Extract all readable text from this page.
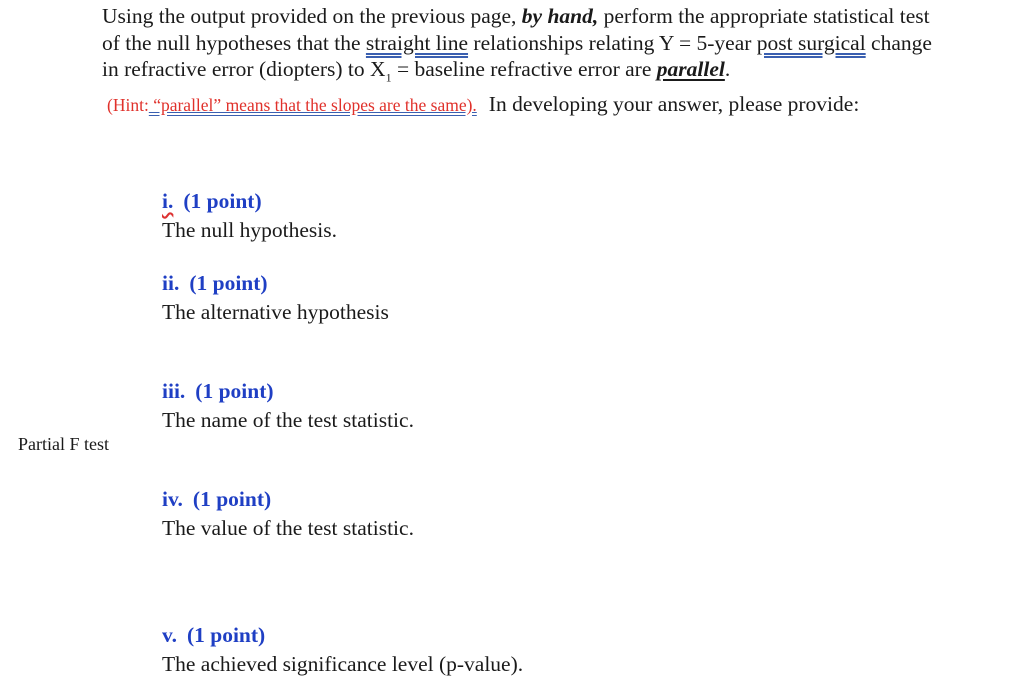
Using the output provided on the previous page, by hand, perform the appropriate statistical test
of the null hypotheses that the straight line relationships relating Y = 5-year post surgical change
in refractive error (diopters) to $X_1$ = baseline refractive error are parallel.
(Hint: “parallel” means that the slopes are the same). In developing your answer, please provide:
i. (1 point)
The null hypothesis.
ii. (1 point)
The alternative hypothesis
iii. (1 point)
The name of the test statistic.
Partial F test
iv. (1 point)
The value of the test statistic.
v. (1 point)
The achieved significance level (p-value).
